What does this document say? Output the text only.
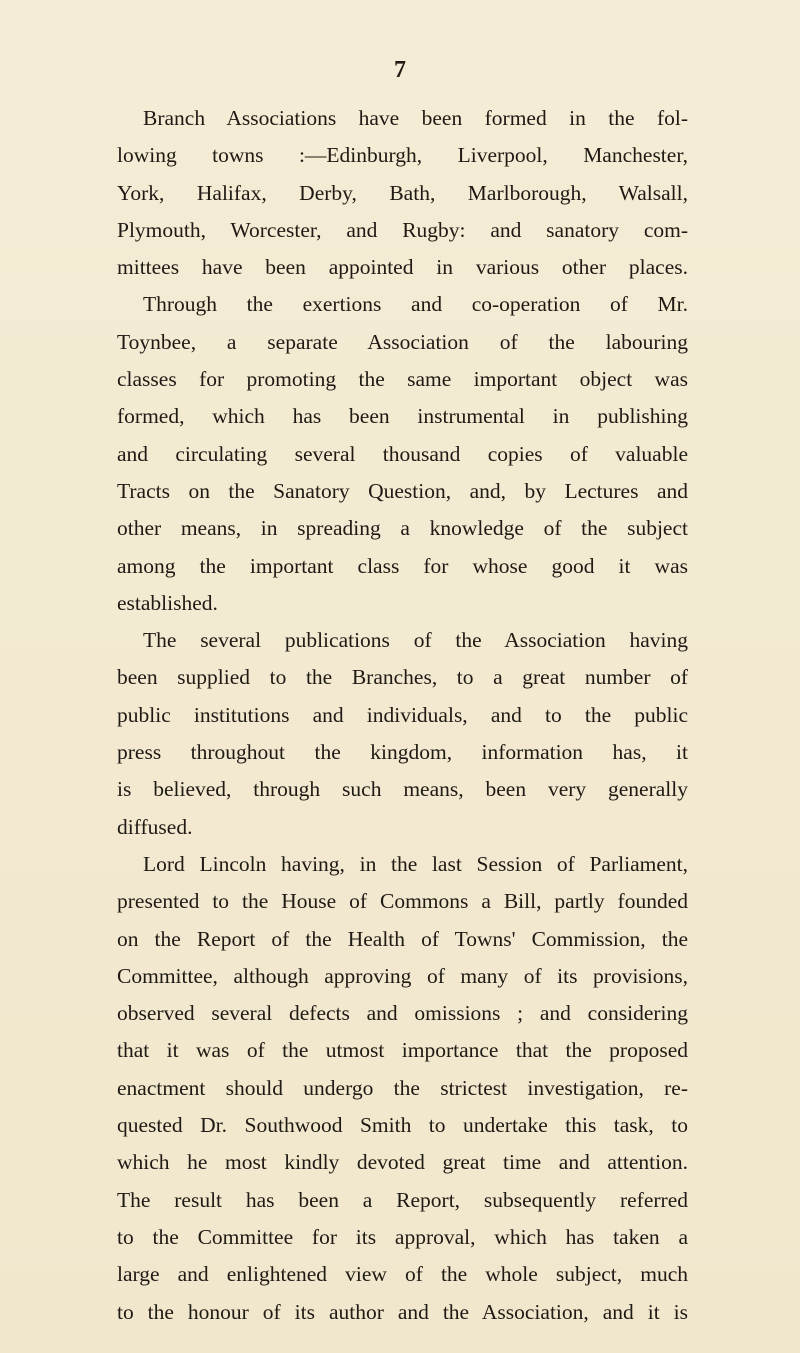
7
Branch Associations have been formed in the fol-
lowing towns :—Edinburgh, Liverpool, Manchester,
York, Halifax, Derby, Bath, Marlborough, Walsall,
Plymouth, Worcester, and Rugby: and sanatory com-
mittees have been appointed in various other places.
Through the exertions and co-operation of Mr.
Toynbee, a separate Association of the labouring
classes for promoting the same important object was
formed, which has been instrumental in publishing
and circulating several thousand copies of valuable
Tracts on the Sanatory Question, and, by Lectures and
other means, in spreading a knowledge of the subject
among the important class for whose good it was
established.
The several publications of the Association having
been supplied to the Branches, to a great number of
public institutions and individuals, and to the public
press throughout the kingdom, information has, it
is believed, through such means, been very generally
diffused.
Lord Lincoln having, in the last Session of Parliament,
presented to the House of Commons a Bill, partly founded
on the Report of the Health of Towns' Commission, the
Committee, although approving of many of its provisions,
observed several defects and omissions ; and considering
that it was of the utmost importance that the proposed
enactment should undergo the strictest investigation, re-
quested Dr. Southwood Smith to undertake this task, to
which he most kindly devoted great time and attention.
The result has been a Report, subsequently referred
to the Committee for its approval, which has taken a
large and enlightened view of the whole subject, much
to the honour of its author and the Association, and it is
